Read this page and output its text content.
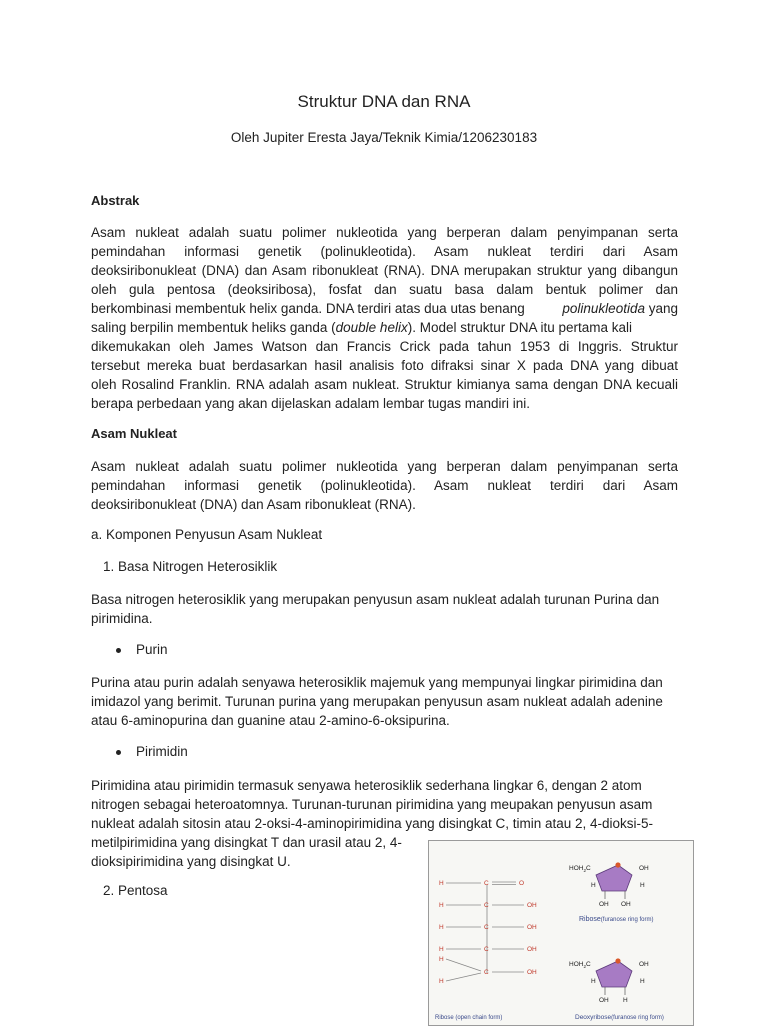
Struktur DNA dan RNA
Oleh Jupiter Eresta Jaya/Teknik Kimia/1206230183
Abstrak
Asam nukleat adalah suatu polimer nukleotida yang berperan dalam penyimpanan serta
pemindahan informasi genetik (polinukleotida). Asam nukleat terdiri dari Asam
deoksiribonukleat (DNA) dan Asam ribonukleat (RNA). DNA merupakan struktur yang dibangun
oleh gula pentosa (deoksiribosa), fosfat dan suatu basa dalam bentuk polimer dan
berkombinasi membentuk helix ganda. DNA terdiri atas dua utas benang	polinukleotida yang
saling berpilin membentuk heliks ganda ( double helix ). Model struktur DNA itu pertama kali
dikemukakan oleh James Watson dan Francis Crick pada tahun 1953 di Inggris. Struktur
tersebut mereka buat berdasarkan hasil analisis foto difraksi sinar X pada DNA yang dibuat
oleh Rosalind Franklin. RNA adalah asam nukleat. Struktur kimianya sama dengan DNA kecuali
berapa perbedaan yang akan dijelaskan adalam lembar tugas mandiri ini.
Asam Nukleat
Asam nukleat adalah suatu polimer nukleotida yang berperan dalam penyimpanan serta
pemindahan informasi genetik (polinukleotida). Asam nukleat terdiri dari Asam
deoksiribonukleat (DNA) dan Asam ribonukleat (RNA).
a. Komponen Penyusun Asam Nukleat
1. Basa Nitrogen Heterosiklik
Basa nitrogen heterosiklik yang merupakan penyusun asam nukleat adalah turunan Purina dan
pirimidina.
Purin
Purina atau purin adalah senyawa heterosiklik majemuk yang mempunyai lingkar pirimidina dan
imidazol yang berimit. Turunan purina yang merupakan penyusun asam nukleat adalah adenine
atau 6-aminopurina dan guanine atau 2-amino-6-oksipurina.
Pirimidin
Pirimidina atau pirimidin termasuk senyawa heterosiklik sederhana lingkar 6, dengan 2 atom
nitrogen sebagai heteroatomnya. Turunan-turunan pirimidina yang meupakan penyusun asam
nukleat adalah sitosin atau 2-oksi-4-aminopirimidina yang disingkat C, timin atau 2, 4-dioksi-5-
metilpirimidina yang disingkat T dan urasil atau 2, 4-
dioksipirimidina yang disingkat U.
2. Pentosa	H	C	O
H	C	OH
H	C	OH
H	C	OH
H
H
C	OH
$HOH_2C$	OH
H	H
OH OH
Ribose(furanose ring form)
$HOH_2C$	OH
H	H
OH H
Ribose (open chain form)	Deoxyribose(furanose ring form)
